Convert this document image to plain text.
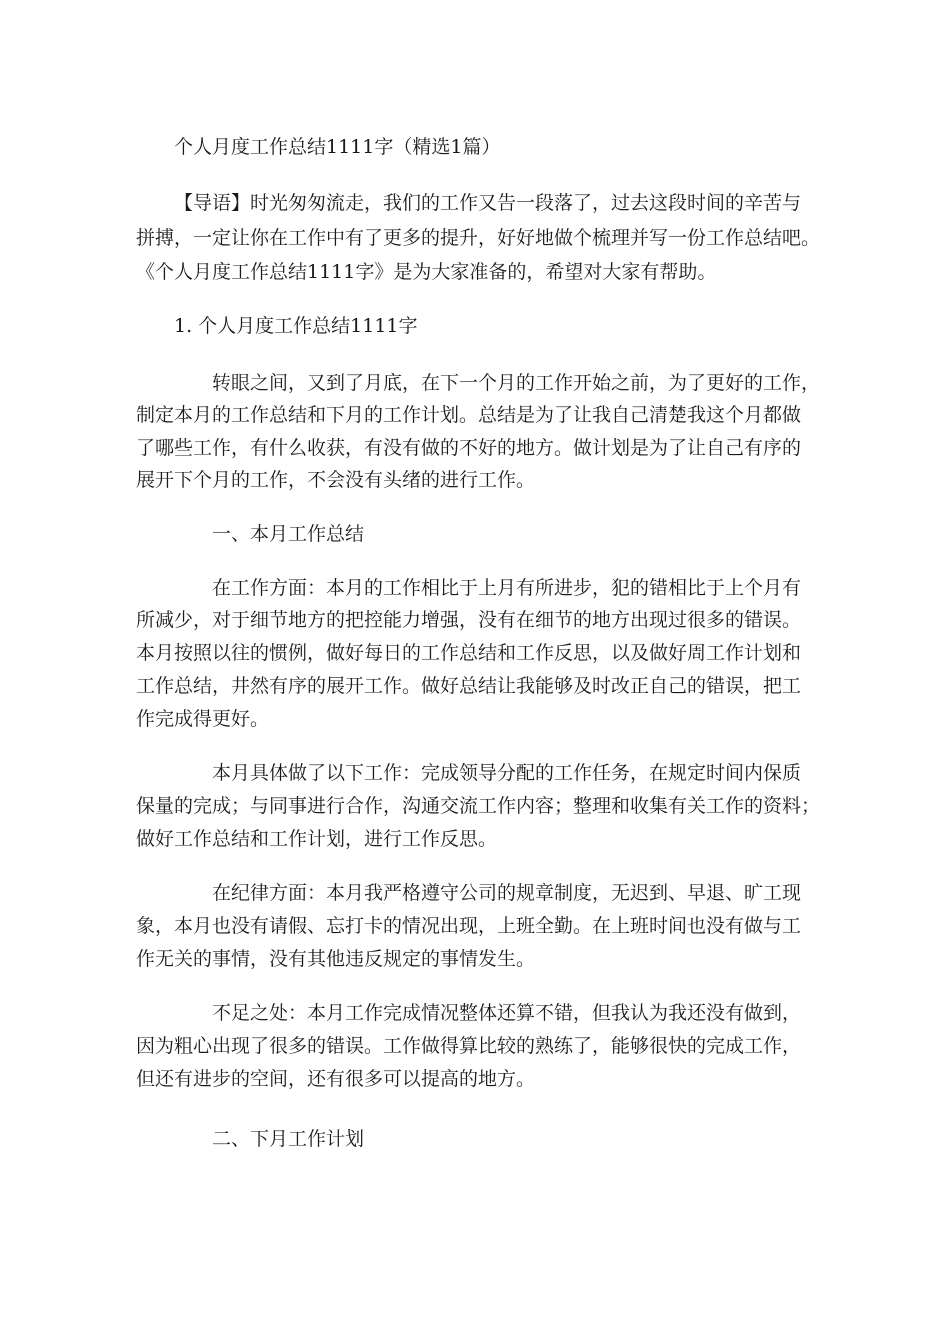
个人月度工作总结1111字（精选1篇）
【导语】时光匆匆流走，我们的工作又告一段落了，过去这段时间的辛苦与
拼搏，一定让你在工作中有了更多的提升，好好地做个梳理并写一份工作总结吧。
《个人月度工作总结1111字》是为大家准备的，希望对大家有帮助。
1. 个人月度工作总结1111字
转眼之间，又到了月底，在下一个月的工作开始之前，为了更好的工作，
制定本月的工作总结和下月的工作计划。总结是为了让我自己清楚我这个月都做
了哪些工作，有什么收获，有没有做的不好的地方。做计划是为了让自己有序的
展开下个月的工作，不会没有头绪的进行工作。
一、本月工作总结
在工作方面：本月的工作相比于上月有所进步，犯的错相比于上个月有
所减少，对于细节地方的把控能力增强，没有在细节的地方出现过很多的错误。
本月按照以往的惯例，做好每日的工作总结和工作反思，以及做好周工作计划和
工作总结，井然有序的展开工作。做好总结让我能够及时改正自己的错误，把工
作完成得更好。
本月具体做了以下工作：完成领导分配的工作任务，在规定时间内保质
保量的完成；与同事进行合作，沟通交流工作内容；整理和收集有关工作的资料；
做好工作总结和工作计划，进行工作反思。
在纪律方面：本月我严格遵守公司的规章制度，无迟到、早退、旷工现
象，本月也没有请假、忘打卡的情况出现，上班全勤。在上班时间也没有做与工
作无关的事情，没有其他违反规定的事情发生。
不足之处：本月工作完成情况整体还算不错，但我认为我还没有做到，
因为粗心出现了很多的错误。工作做得算比较的熟练了，能够很快的完成工作，
但还有进步的空间，还有很多可以提高的地方。
二、下月工作计划
